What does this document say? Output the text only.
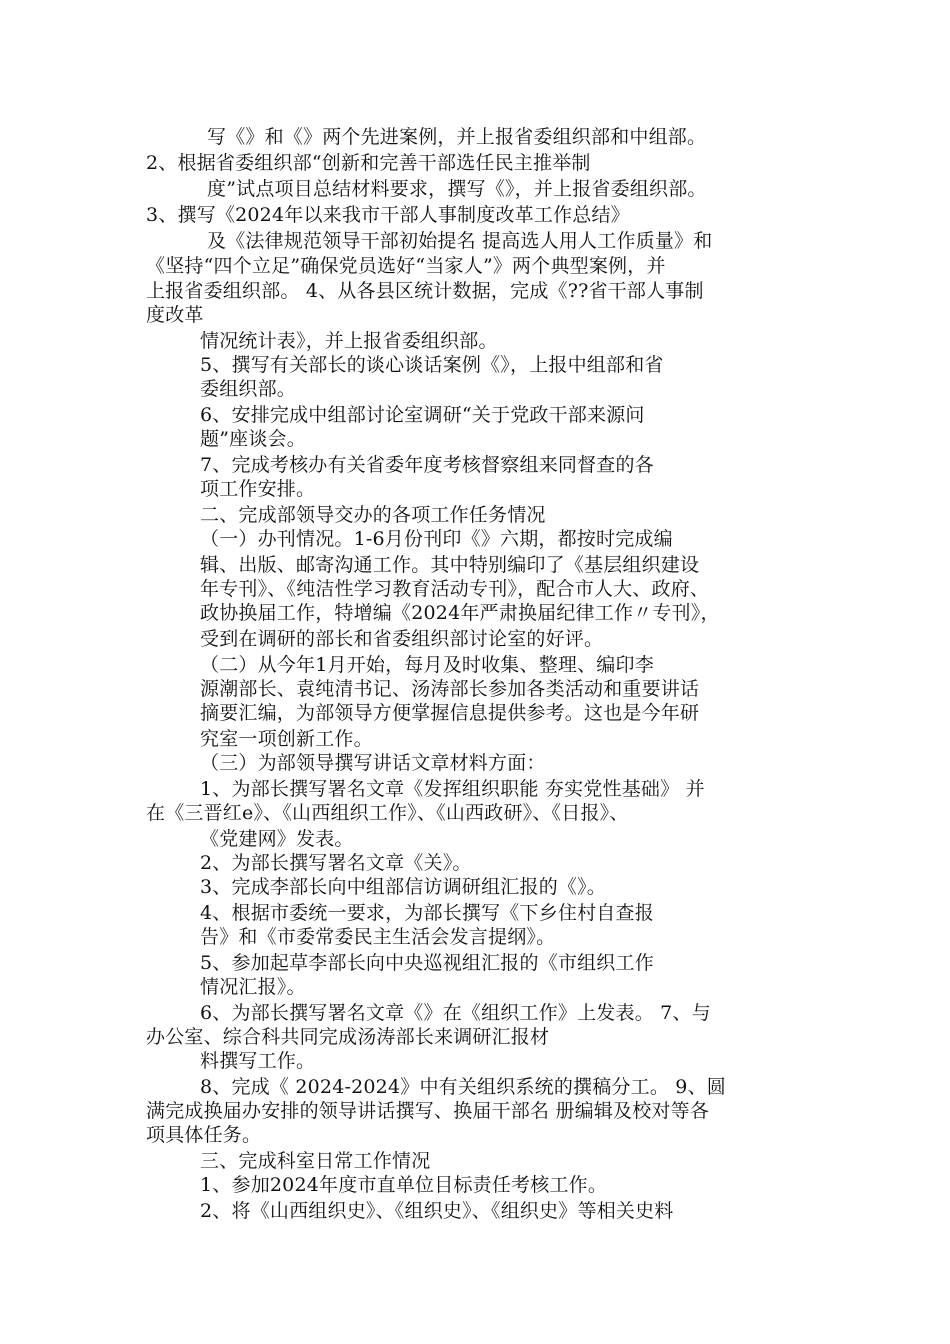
写《》和《》两个先进案例，并上报省委组织部和中组部。
2、根据省委组织部“创新和完善干部选任民主推举制
度”试点项目总结材料要求，撰写《》，并上报省委组织部。
3、撰写《2024年以来我市干部人事制度改革工作总结》
及《法律规范领导干部初始提名 提高选人用人工作质量》和
《坚持“四个立足”确保党员选好“当家人”》两个典型案例，并
上报省委组织部。 4、从各县区统计数据，完成《??省干部人事制
度改革
情况统计表》，并上报省委组织部。
5、撰写有关部长的谈心谈话案例《》，上报中组部和省
委组织部。
6、安排完成中组部讨论室调研“关于党政干部来源问
题”座谈会。
7、完成考核办有关省委年度考核督察组来同督查的各
项工作安排。
二、完成部领导交办的各项工作任务情况
（一）办刊情况。1-6月份刊印《》六期，都按时完成编
辑、出版、邮寄沟通工作。其中特别编印了《基层组织建设
年专刊》、《纯洁性学习教育活动专刊》，配合市人大、政府、
政协换届工作，特增编《2024年严肃换届纪律工作〃专刊》，
受到在调研的部长和省委组织部讨论室的好评。
（二）从今年1月开始，每月及时收集、整理、编印李
源潮部长、袁纯清书记、汤涛部长参加各类活动和重要讲话
摘要汇编，为部领导方便掌握信息提供参考。这也是今年研
究室一项创新工作。
（三）为部领导撰写讲话文章材料方面：
1、为部长撰写署名文章《发挥组织职能 夯实党性基础》 并
在《三晋红e》、《山西组织工作》、《山西政研》、《日报》、
《党建网》发表。
2、为部长撰写署名文章《关》。
3、完成李部长向中组部信访调研组汇报的《》。
4、根据市委统一要求，为部长撰写《下乡住村自查报
告》和《市委常委民主生活会发言提纲》。
5、参加起草李部长向中央巡视组汇报的《市组织工作
情况汇报》。
6、为部长撰写署名文章《》在《组织工作》上发表。 7、与
办公室、综合科共同完成汤涛部长来调研汇报材
料撰写工作。
8、完成《 2024-2024》中有关组织系统的撰稿分工。 9、圆
满完成换届办安排的领导讲话撰写、换届干部名 册编辑及校对等各
项具体任务。
三、完成科室日常工作情况
1、参加2024年度市直单位目标责任考核工作。
2、将《山西组织史》、《组织史》、《组织史》等相关史料
